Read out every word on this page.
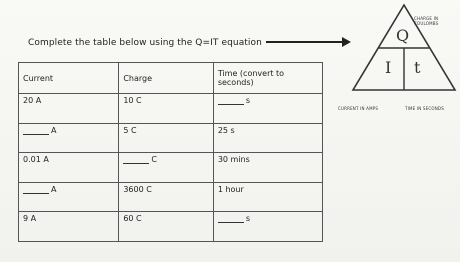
Complete the table below using the Q=IT equation
Current	Charge	Time (convert to seconds)
20 A	10 C	s
A	5 C	25 s
0.01 A	C	30 mins
A	3600 C	1 hour
9 A	60 C	s
Q
I t
CHARGE IN COULOMBS
CURRENT IN AMPS	TIME IN SECONDS
